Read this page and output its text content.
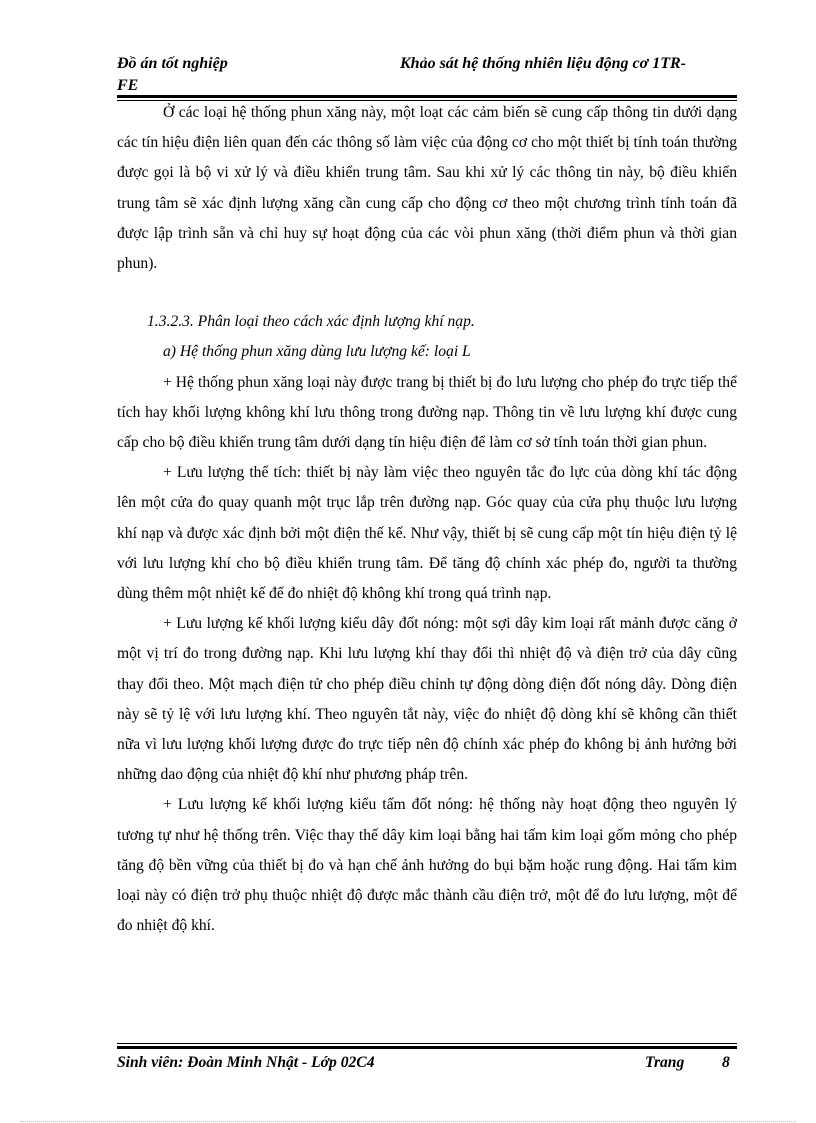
Đồ án tốt nghiệp	Khảo sát hệ thống nhiên liệu động cơ 1TR-
FE

Ở các loại hệ thống phun xăng này, một loạt các cảm biến sẽ cung cấp thông tin dưới dạng các tín hiệu điện liên quan đến các thông số làm việc của động cơ cho một thiết bị tính toán thường được gọi là bộ vi xử lý và điều khiển trung tâm. Sau khi xử lý các thông tin này, bộ điều khiển trung tâm sẽ xác định lượng xăng cần cung cấp cho động cơ theo một chương trình tính toán đã được lập trình sẵn và chỉ huy sự hoạt động của các vòi phun xăng (thời điểm phun và thời gian phun).

1.3.2.3. Phân loại theo cách xác định lượng khí nạp.

a) Hệ thống phun xăng dùng lưu lượng kế: loại L

+ Hệ thống phun xăng loại này được trang bị thiết bị đo lưu lượng cho phép đo trực tiếp thể tích hay khối lượng không khí lưu thông trong đường nạp. Thông tin về lưu lượng khí được cung cấp cho bộ điều khiển trung tâm dưới dạng tín hiệu điện để làm cơ sở tính toán thời gian phun.

+ Lưu lượng thể tích: thiết bị này làm việc theo nguyên tắc đo lực của dòng khí tác động lên một cửa đo quay quanh một trục lắp trên đường nạp. Góc quay của cửa phụ thuộc lưu lượng khí nạp và được xác định bởi một điện thế kế. Như vậy, thiết bị sẽ cung cấp một tín hiệu điện tỷ lệ với lưu lượng khí cho bộ điều khiển trung tâm. Để tăng độ chính xác phép đo, người ta thường dùng thêm một nhiệt kế để đo nhiệt độ không khí trong quá trình nạp.

+ Lưu lượng kế khối lượng kiểu dây đốt nóng: một sợi dây kim loại rất mảnh được căng ở một vị trí đo trong đường nạp. Khi lưu lượng khí thay đổi thì nhiệt độ và điện trở của dây cũng thay đổi theo. Một mạch điện tử cho phép điều chỉnh tự động dòng điện đốt nóng dây. Dòng điện này sẽ tỷ lệ với lưu lượng khí. Theo nguyên tắt này, việc đo nhiệt độ dòng khí sẽ không cần thiết nữa vì lưu lượng khối lượng được đo trực tiếp nên độ chính xác phép đo không bị ảnh hưởng bởi những dao động của nhiệt độ khí như phương pháp trên.

+ Lưu lượng kế khối lượng kiểu tấm đốt nóng: hệ thống này hoạt động theo nguyên lý tương tự như hệ thống trên. Việc thay thế dây kim loại bằng hai tấm kim loại gốm mỏng cho phép tăng độ bền vững của thiết bị đo và hạn chế ảnh hưởng do bụi bặm hoặc rung động. Hai tấm kim loại này có điện trở phụ thuộc nhiệt độ được mắc thành cầu điện trở, một để đo lưu lượng, một để đo nhiệt độ khí.

Sinh viên: Đoàn Minh Nhật - Lớp 02C4	Trang 8
